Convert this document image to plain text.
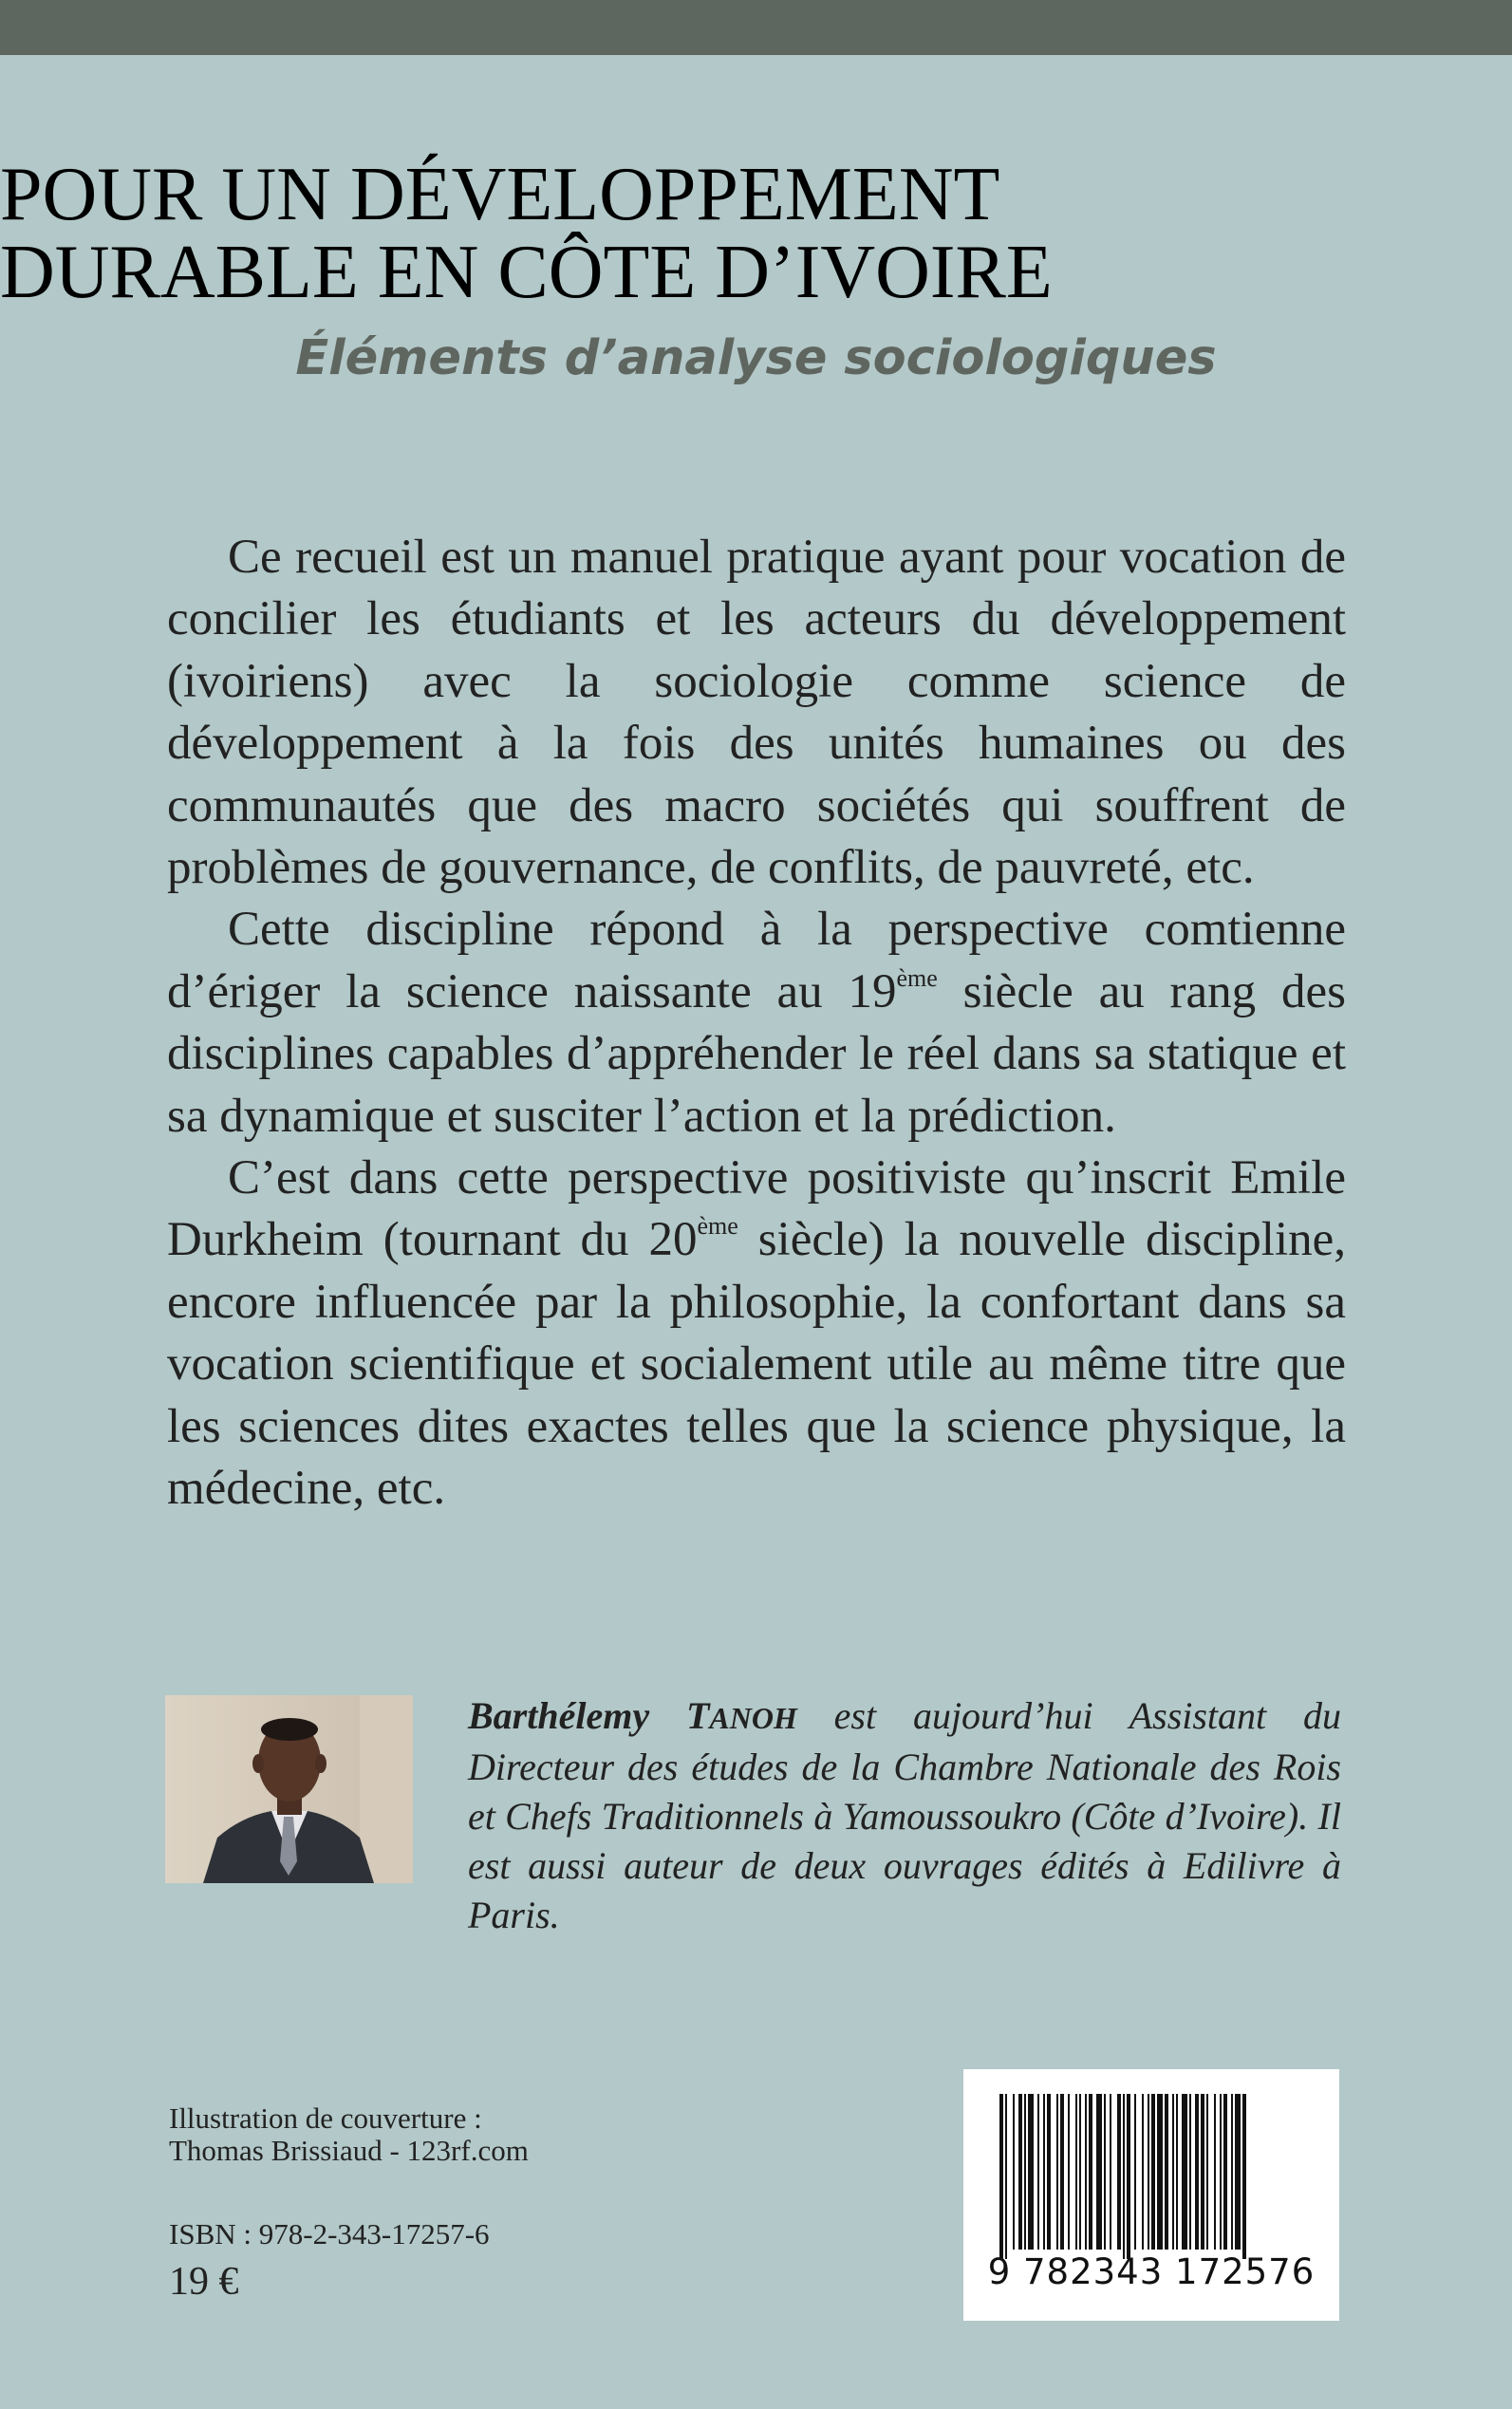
POUR UN DÉVELOPPEMENT
DURABLE EN CÔTE D’IVOIRE
Éléments d’analyse sociologiques

Ce recueil est un manuel pratique ayant pour vocation de concilier les étudiants et les acteurs du développement (ivoiriens) avec la sociologie comme science de développement à la fois des unités humaines ou des communautés que des macro sociétés qui souffrent de problèmes de gouvernance, de conflits, de pauvreté, etc.

Cette discipline répond à la perspective comtienne d’ériger la science naissante au 19ème siècle au rang des disciplines capables d’appréhender le réel dans sa statique et sa dynamique et susciter l’action et la prédiction.

C’est dans cette perspective positiviste qu’inscrit Emile Durkheim (tournant du 20ème siècle) la nouvelle discipline, encore influencée par la philosophie, la confortant dans sa vocation scientifique et socialement utile au même titre que les sciences dites exactes telles que la science physique, la médecine, etc.

Barthélemy TANOH est aujourd’hui Assistant du Directeur des études de la Chambre Nationale des Rois et Chefs Traditionnels à Yamoussoukro (Côte d’Ivoire). Il est aussi auteur de deux ouvrages édités à Edilivre à Paris.
Illustration de couverture :
Thomas Brissiaud - 123rf.com
ISBN : 978-2-343-17257-6
19 €	9 782343 172576
